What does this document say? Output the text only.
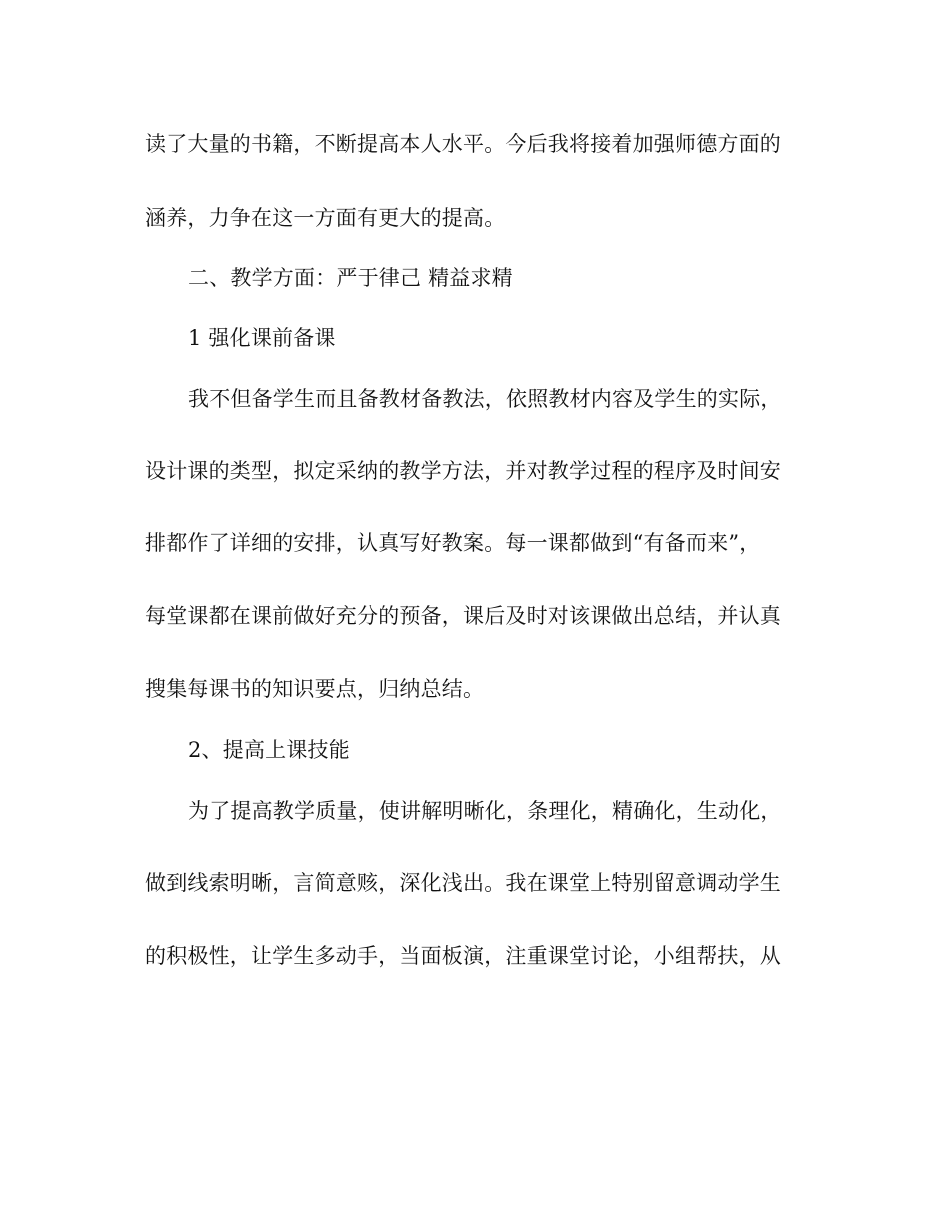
读了大量的书籍，不断提高本人水平。今后我将接着加强师德方面的
涵养，力争在这一方面有更大的提高。
二、教学方面：严于律己 精益求精
1 强化课前备课
我不但备学生而且备教材备教法，依照教材内容及学生的实际，
设计课的类型，拟定采纳的教学方法，并对教学过程的程序及时间安
排都作了详细的安排，认真写好教案。每一课都做到“有备而来”，
每堂课都在课前做好充分的预备，课后及时对该课做出总结，并认真
搜集每课书的知识要点，归纳总结。
2、提高上课技能
为了提高教学质量，使讲解明晰化，条理化，精确化，生动化，
做到线索明晰，言简意赅，深化浅出。我在课堂上特别留意调动学生
的积极性，让学生多动手，当面板演，注重课堂讨论，小组帮扶，从
